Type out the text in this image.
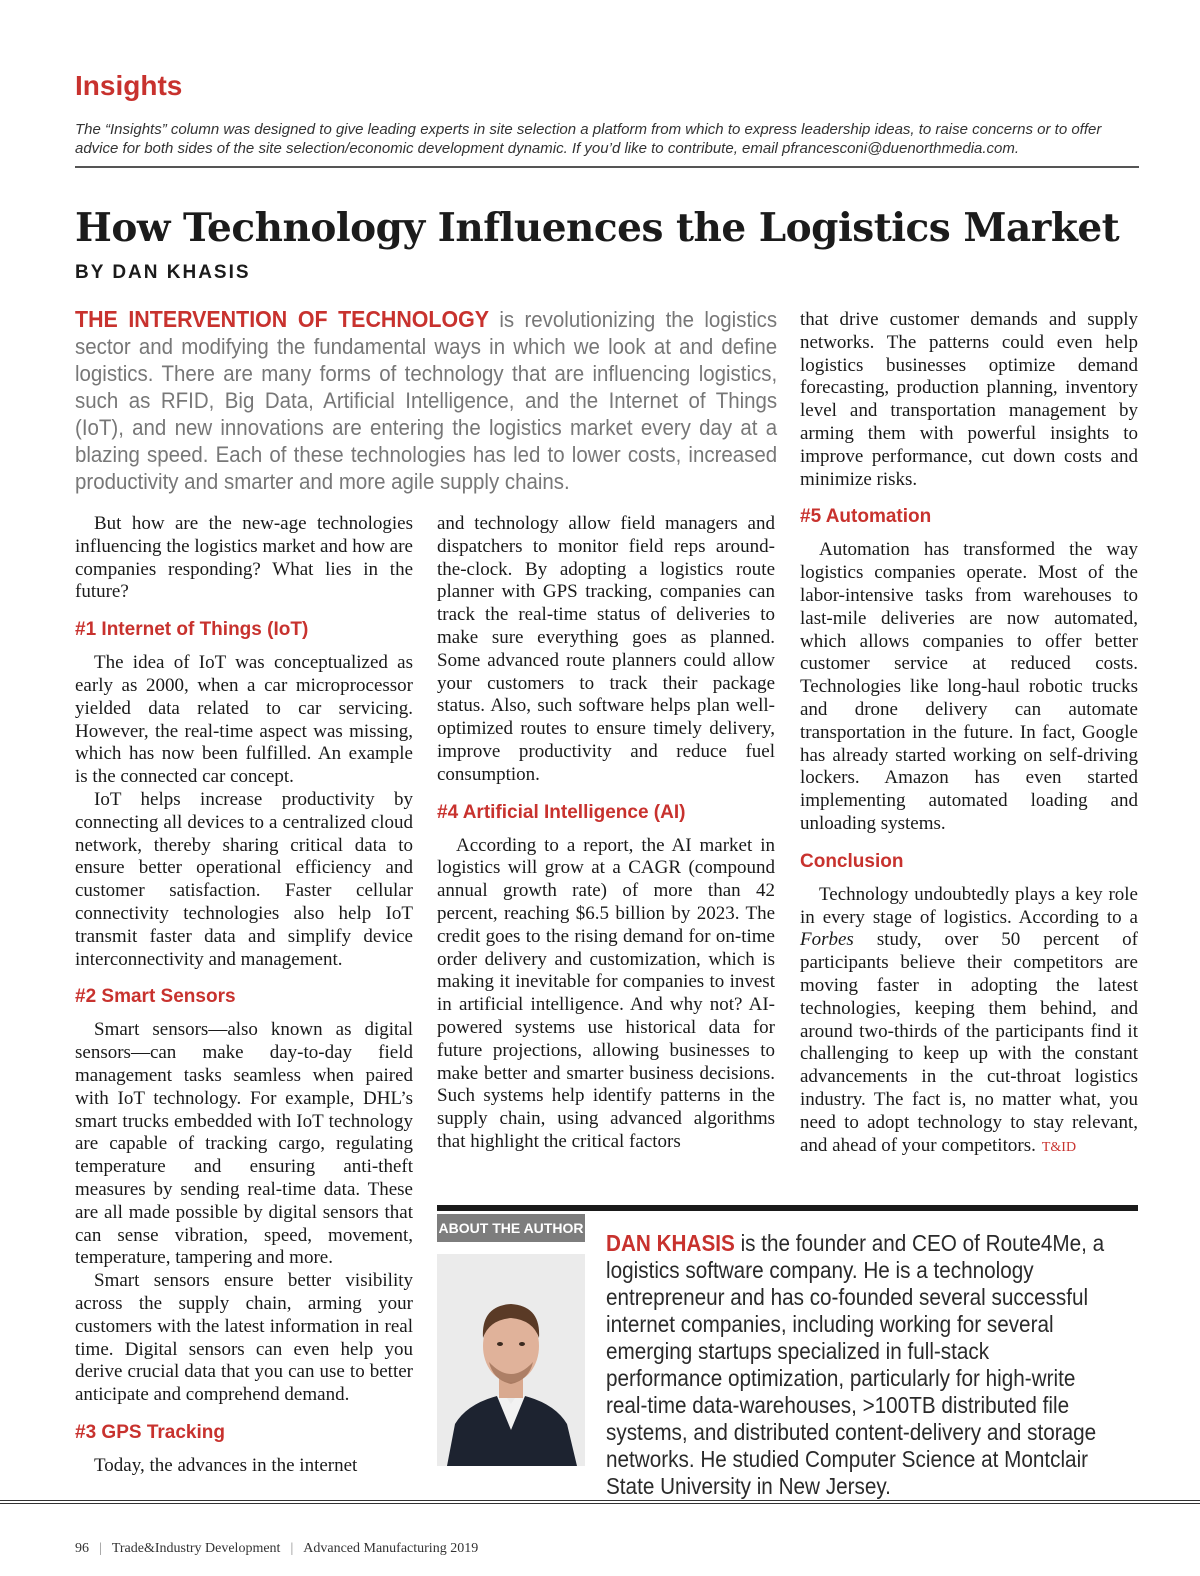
Insights
The “Insights” column was designed to give leading experts in site selection a platform from which to express leadership ideas, to raise concerns or to offer advice for both sides of the site selection/economic development dynamic. If you’d like to contribute, email pfrancesconi@duenorthmedia.com.
How Technology Influences the Logistics Market
BY DAN KHASIS
THE INTERVENTION OF TECHNOLOGY is revolutionizing the logistics sector and modifying the fundamental ways in which we look at and define logistics. There are many forms of technology that are influencing logistics, such as RFID, Big Data, Artificial Intelligence, and the Internet of Things (IoT), and new innovations are entering the logistics market every day at a blazing speed. Each of these technologies has led to lower costs, increased productivity and smarter and more agile supply chains.

But how are the new-age technologies influencing the logistics market and how are companies responding? What lies in the future?

#1 Internet of Things (IoT)

The idea of IoT was conceptualized as early as 2000, when a car microprocessor yielded data related to car servicing. However, the real-time aspect was missing, which has now been fulfilled. An example is the connected car concept.

IoT helps increase productivity by connecting all devices to a centralized cloud network, thereby sharing critical data to ensure better operational efficiency and customer satisfaction. Faster cellular connectivity technologies also help IoT transmit faster data and simplify device interconnectivity and management.

#2 Smart Sensors

Smart sensors—also known as digital sensors—can make day-to-day field management tasks seamless when paired with IoT technology. For example, DHL’s smart trucks embedded with IoT technology are capable of tracking cargo, regulating temperature and ensuring anti-theft measures by sending real-time data. These are all made possible by digital sensors that can sense vibration, speed, movement, temperature, tampering and more.

Smart sensors ensure better visibility across the supply chain, arming your customers with the latest information in real time. Digital sensors can even help you derive crucial data that you can use to better anticipate and comprehend demand.

#3 GPS Tracking

Today, the advances in the internet

and technology allow field managers and dispatchers to monitor field reps around-the-clock. By adopting a logistics route planner with GPS tracking, companies can track the real-time status of deliveries to make sure everything goes as planned. Some advanced route planners could allow your customers to track their package status. Also, such software helps plan well-optimized routes to ensure timely delivery, improve productivity and reduce fuel consumption.

#4 Artificial Intelligence (AI)

According to a report, the AI market in logistics will grow at a CAGR (compound annual growth rate) of more than 42 percent, reaching $6.5 billion by 2023. The credit goes to the rising demand for on-time order delivery and customization, which is making it inevitable for companies to invest in artificial intelligence. And why not? AI-powered systems use historical data for future projections, allowing businesses to make better and smarter business decisions. Such systems help identify patterns in the supply chain, using advanced algorithms that highlight the critical factors

that drive customer demands and supply networks. The patterns could even help logistics businesses optimize demand forecasting, production planning, inventory level and transportation management by arming them with powerful insights to improve performance, cut down costs and minimize risks.

#5 Automation

Automation has transformed the way logistics companies operate. Most of the labor-intensive tasks from warehouses to last-mile deliveries are now automated, which allows companies to offer better customer service at reduced costs. Technologies like long-haul robotic trucks and drone delivery can automate transportation in the future. In fact, Google has already started working on self-driving lockers. Amazon has even started implementing automated loading and unloading systems.

Conclusion

Technology undoubtedly plays a key role in every stage of logistics. According to a Forbes study, over 50 percent of participants believe their competitors are moving faster in adopting the latest technologies, keeping them behind, and around two-thirds of the participants find it challenging to keep up with the constant advancements in the cut-throat logistics industry. The fact is, no matter what, you need to adopt technology to stay relevant, and ahead of your competitors. T&ID

ABOUT THE AUTHOR
DAN KHASIS is the founder and CEO of Route4Me, a logistics software company. He is a technology entrepreneur and has co-founded several successful internet companies, including working for several emerging startups specialized in full-stack performance optimization, particularly for high-write real-time data-warehouses, >100TB distributed file systems, and distributed content-delivery and storage networks. He studied Computer Science at Montclair State University in New Jersey.
96 | Trade&Industry Development | Advanced Manufacturing 2019
